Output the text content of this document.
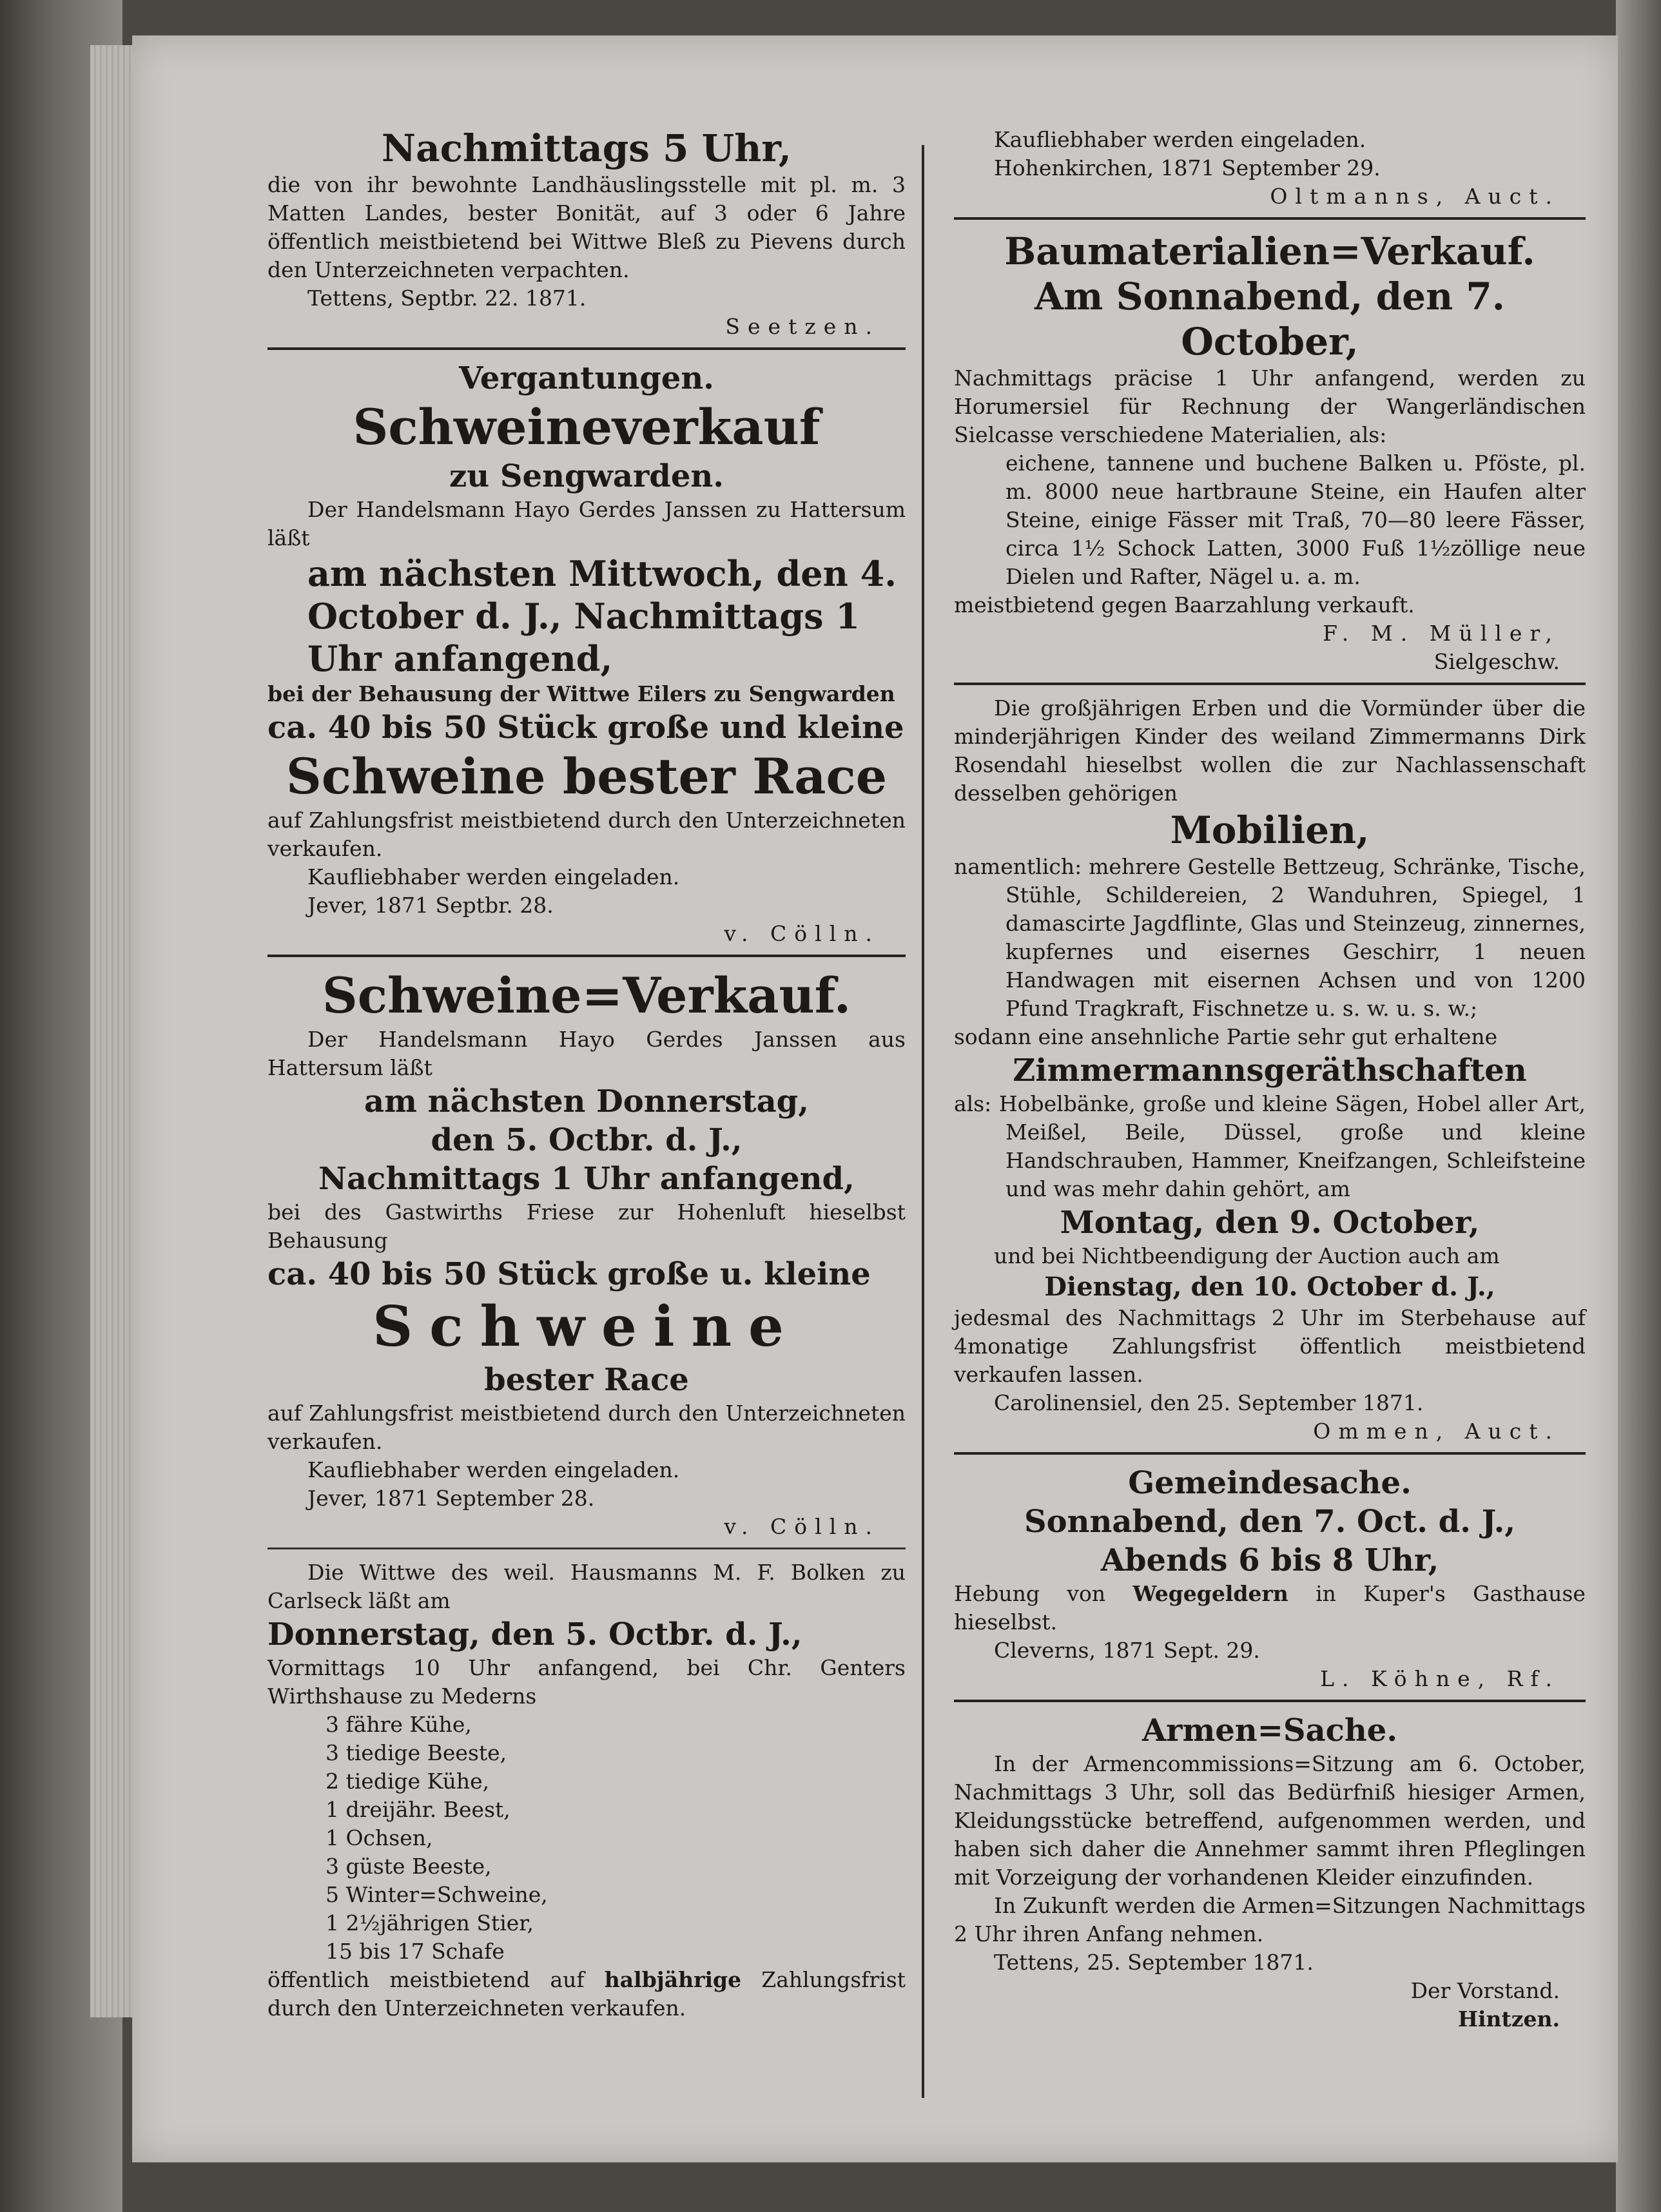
Nachmittags 5 Uhr,

die von ihr bewohnte Landhäuslingsstelle mit pl. m. 3 Matten Landes, bester Bonität, auf 3 oder 6 Jahre öffentlich meistbietend bei Wittwe Bleß zu Pievens durch den Unterzeichneten verpachten.

Tettens, Septbr. 22. 1871.

Seetzen.

Vergantungen.

Schweineverkauf

zu Sengwarden.

Der Handelsmann Hayo Gerdes Janssen zu Hattersum läßt

am nächsten Mittwoch, den 4. October d. J., Nachmittags 1 Uhr anfangend,

bei der Behausung der Wittwe Eilers zu Sengwarden

ca. 40 bis 50 Stück große und kleine

Schweine bester Race

auf Zahlungsfrist meistbietend durch den Unterzeichneten verkaufen.

Kaufliebhaber werden eingeladen.

Jever, 1871 Septbr. 28.

v. Cölln.

Schweine=Verkauf.

Der Handelsmann Hayo Gerdes Janssen aus Hattersum läßt

am nächsten Donnerstag,

den 5. Octbr. d. J.,

Nachmittags 1 Uhr anfangend,

bei des Gastwirths Friese zur Hohenluft hieselbst Behausung

ca. 40 bis 50 Stück große u. kleine

Schweine

bester Race

auf Zahlungsfrist meistbietend durch den Unterzeichneten verkaufen.

Kaufliebhaber werden eingeladen.

Jever, 1871 September 28.

v. Cölln.

Die Wittwe des weil. Hausmanns M. F. Bolken zu Carlseck läßt am

Donnerstag, den 5. Octbr. d. J.,

Vormittags 10 Uhr anfangend, bei Chr. Genters Wirthshause zu Mederns

3 fähre Kühe,
3 tiedige Beeste,
2 tiedige Kühe,
1 dreijähr. Beest,
1 Ochsen,
3 güste Beeste,
5 Winter=Schweine,
1 2½jährigen Stier,
15 bis 17 Schafe

öffentlich meistbietend auf halbjährige Zahlungsfrist durch den Unterzeichneten verkaufen.

Kaufliebhaber werden eingeladen.

Hohenkirchen, 1871 September 29.

Oltmanns, Auct.

Baumaterialien=Verkauf.

Am Sonnabend, den 7. October,

Nachmittags präcise 1 Uhr anfangend, werden zu Horumersiel für Rechnung der Wangerländischen Sielcasse verschiedene Materialien, als:

eichene, tannene und buchene Balken u. Pföste, pl. m. 8000 neue hartbraune Steine, ein Haufen alter Steine, einige Fässer mit Traß, 70—80 leere Fässer, circa 1½ Schock Latten, 3000 Fuß 1½zöllige neue Dielen und Rafter, Nägel u. a. m.

meistbietend gegen Baarzahlung verkauft.

F. M. Müller,

Sielgeschw.

Die großjährigen Erben und die Vormünder über die minderjährigen Kinder des weiland Zimmermanns Dirk Rosendahl hieselbst wollen die zur Nachlassenschaft desselben gehörigen

Mobilien,

namentlich: mehrere Gestelle Bettzeug, Schränke, Tische, Stühle, Schildereien, 2 Wanduhren, Spiegel, 1 damascirte Jagdflinte, Glas und Steinzeug, zinnernes, kupfernes und eisernes Geschirr, 1 neuen Handwagen mit eisernen Achsen und von 1200 Pfund Tragkraft, Fischnetze u. s. w. u. s. w.;

sodann eine ansehnliche Partie sehr gut erhaltene

Zimmermannsgeräthschaften

als: Hobelbänke, große und kleine Sägen, Hobel aller Art, Meißel, Beile, Düssel, große und kleine Handschrauben, Hammer, Kneifzangen, Schleifsteine und was mehr dahin gehört, am

Montag, den 9. October,

und bei Nichtbeendigung der Auction auch am

Dienstag, den 10. October d. J.,

jedesmal des Nachmittags 2 Uhr im Sterbehause auf 4monatige Zahlungsfrist öffentlich meistbietend verkaufen lassen.

Carolinensiel, den 25. September 1871.

Ommen, Auct.

Gemeindesache.

Sonnabend, den 7. Oct. d. J.,

Abends 6 bis 8 Uhr,

Hebung von Wegegeldern in Kuper's Gasthause hieselbst.

Cleverns, 1871 Sept. 29.

L. Köhne, Rf.

Armen=Sache.

In der Armencommissions=Sitzung am 6. October, Nachmittags 3 Uhr, soll das Bedürfniß hiesiger Armen, Kleidungsstücke betreffend, aufgenommen werden, und haben sich daher die Annehmer sammt ihren Pfleglingen mit Vorzeigung der vorhandenen Kleider einzufinden.

In Zukunft werden die Armen=Sitzungen Nachmittags 2 Uhr ihren Anfang nehmen.

Tettens, 25. September 1871.

Der Vorstand.

Hintzen.
